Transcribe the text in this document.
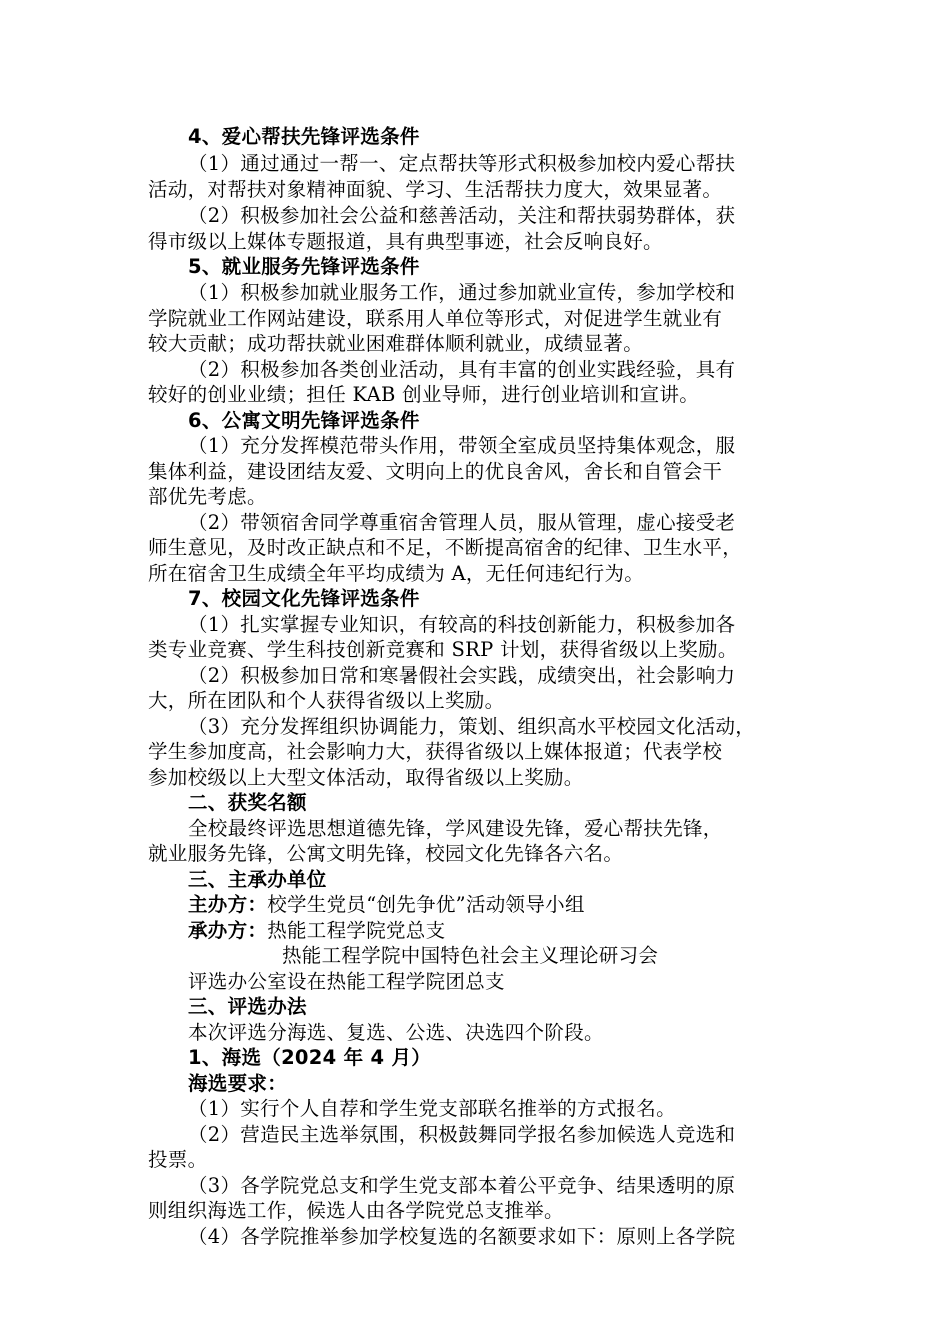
4、爱心帮扶先锋评选条件

（1）通过通过一帮一、定点帮扶等形式积极参加校内爱心帮扶

活动，对帮扶对象精神面貌、学习、生活帮扶力度大，效果显著。

（2）积极参加社会公益和慈善活动，关注和帮扶弱势群体，获

得市级以上媒体专题报道，具有典型事迹，社会反响良好。

5、就业服务先锋评选条件

（1）积极参加就业服务工作，通过参加就业宣传，参加学校和

学院就业工作网站建设，联系用人单位等形式，对促进学生就业有

较大贡献；成功帮扶就业困难群体顺利就业，成绩显著。

（2）积极参加各类创业活动，具有丰富的创业实践经验，具有

较好的创业业绩；担任 KAB 创业导师，进行创业培训和宣讲。

6、公寓文明先锋评选条件

（1）充分发挥模范带头作用，带领全室成员坚持集体观念，服

集体利益，建设团结友爱、文明向上的优良舍风，舍长和自管会干

部优先考虑。

（2）带领宿舍同学尊重宿舍管理人员，服从管理，虚心接受老

师生意见，及时改正缺点和不足，不断提高宿舍的纪律、卫生水平，

所在宿舍卫生成绩全年平均成绩为 A，无任何违纪行为。

7、校园文化先锋评选条件

（1）扎实掌握专业知识，有较高的科技创新能力，积极参加各

类专业竞赛、学生科技创新竞赛和 SRP 计划，获得省级以上奖励。

（2）积极参加日常和寒暑假社会实践，成绩突出，社会影响力

大，所在团队和个人获得省级以上奖励。

（3）充分发挥组织协调能力，策划、组织高水平校园文化活动，

学生参加度高，社会影响力大，获得省级以上媒体报道；代表学校

参加校级以上大型文体活动，取得省级以上奖励。

二、获奖名额

全校最终评选思想道德先锋，学风建设先锋，爱心帮扶先锋，

就业服务先锋，公寓文明先锋，校园文化先锋各六名。

三、主承办单位

主办方：校学生党员“创先争优”活动领导小组

承办方：热能工程学院党总支

热能工程学院中国特色社会主义理论研习会

评选办公室设在热能工程学院团总支

三、评选办法

本次评选分海选、复选、公选、决选四个阶段。

1、海选（2024 年 4 月）

海选要求：

（1）实行个人自荐和学生党支部联名推举的方式报名。

（2）营造民主选举氛围，积极鼓舞同学报名参加候选人竞选和

投票。

（3）各学院党总支和学生党支部本着公平竞争、结果透明的原

则组织海选工作，候选人由各学院党总支推举。

（4）各学院推举参加学校复选的名额要求如下：原则上各学院
